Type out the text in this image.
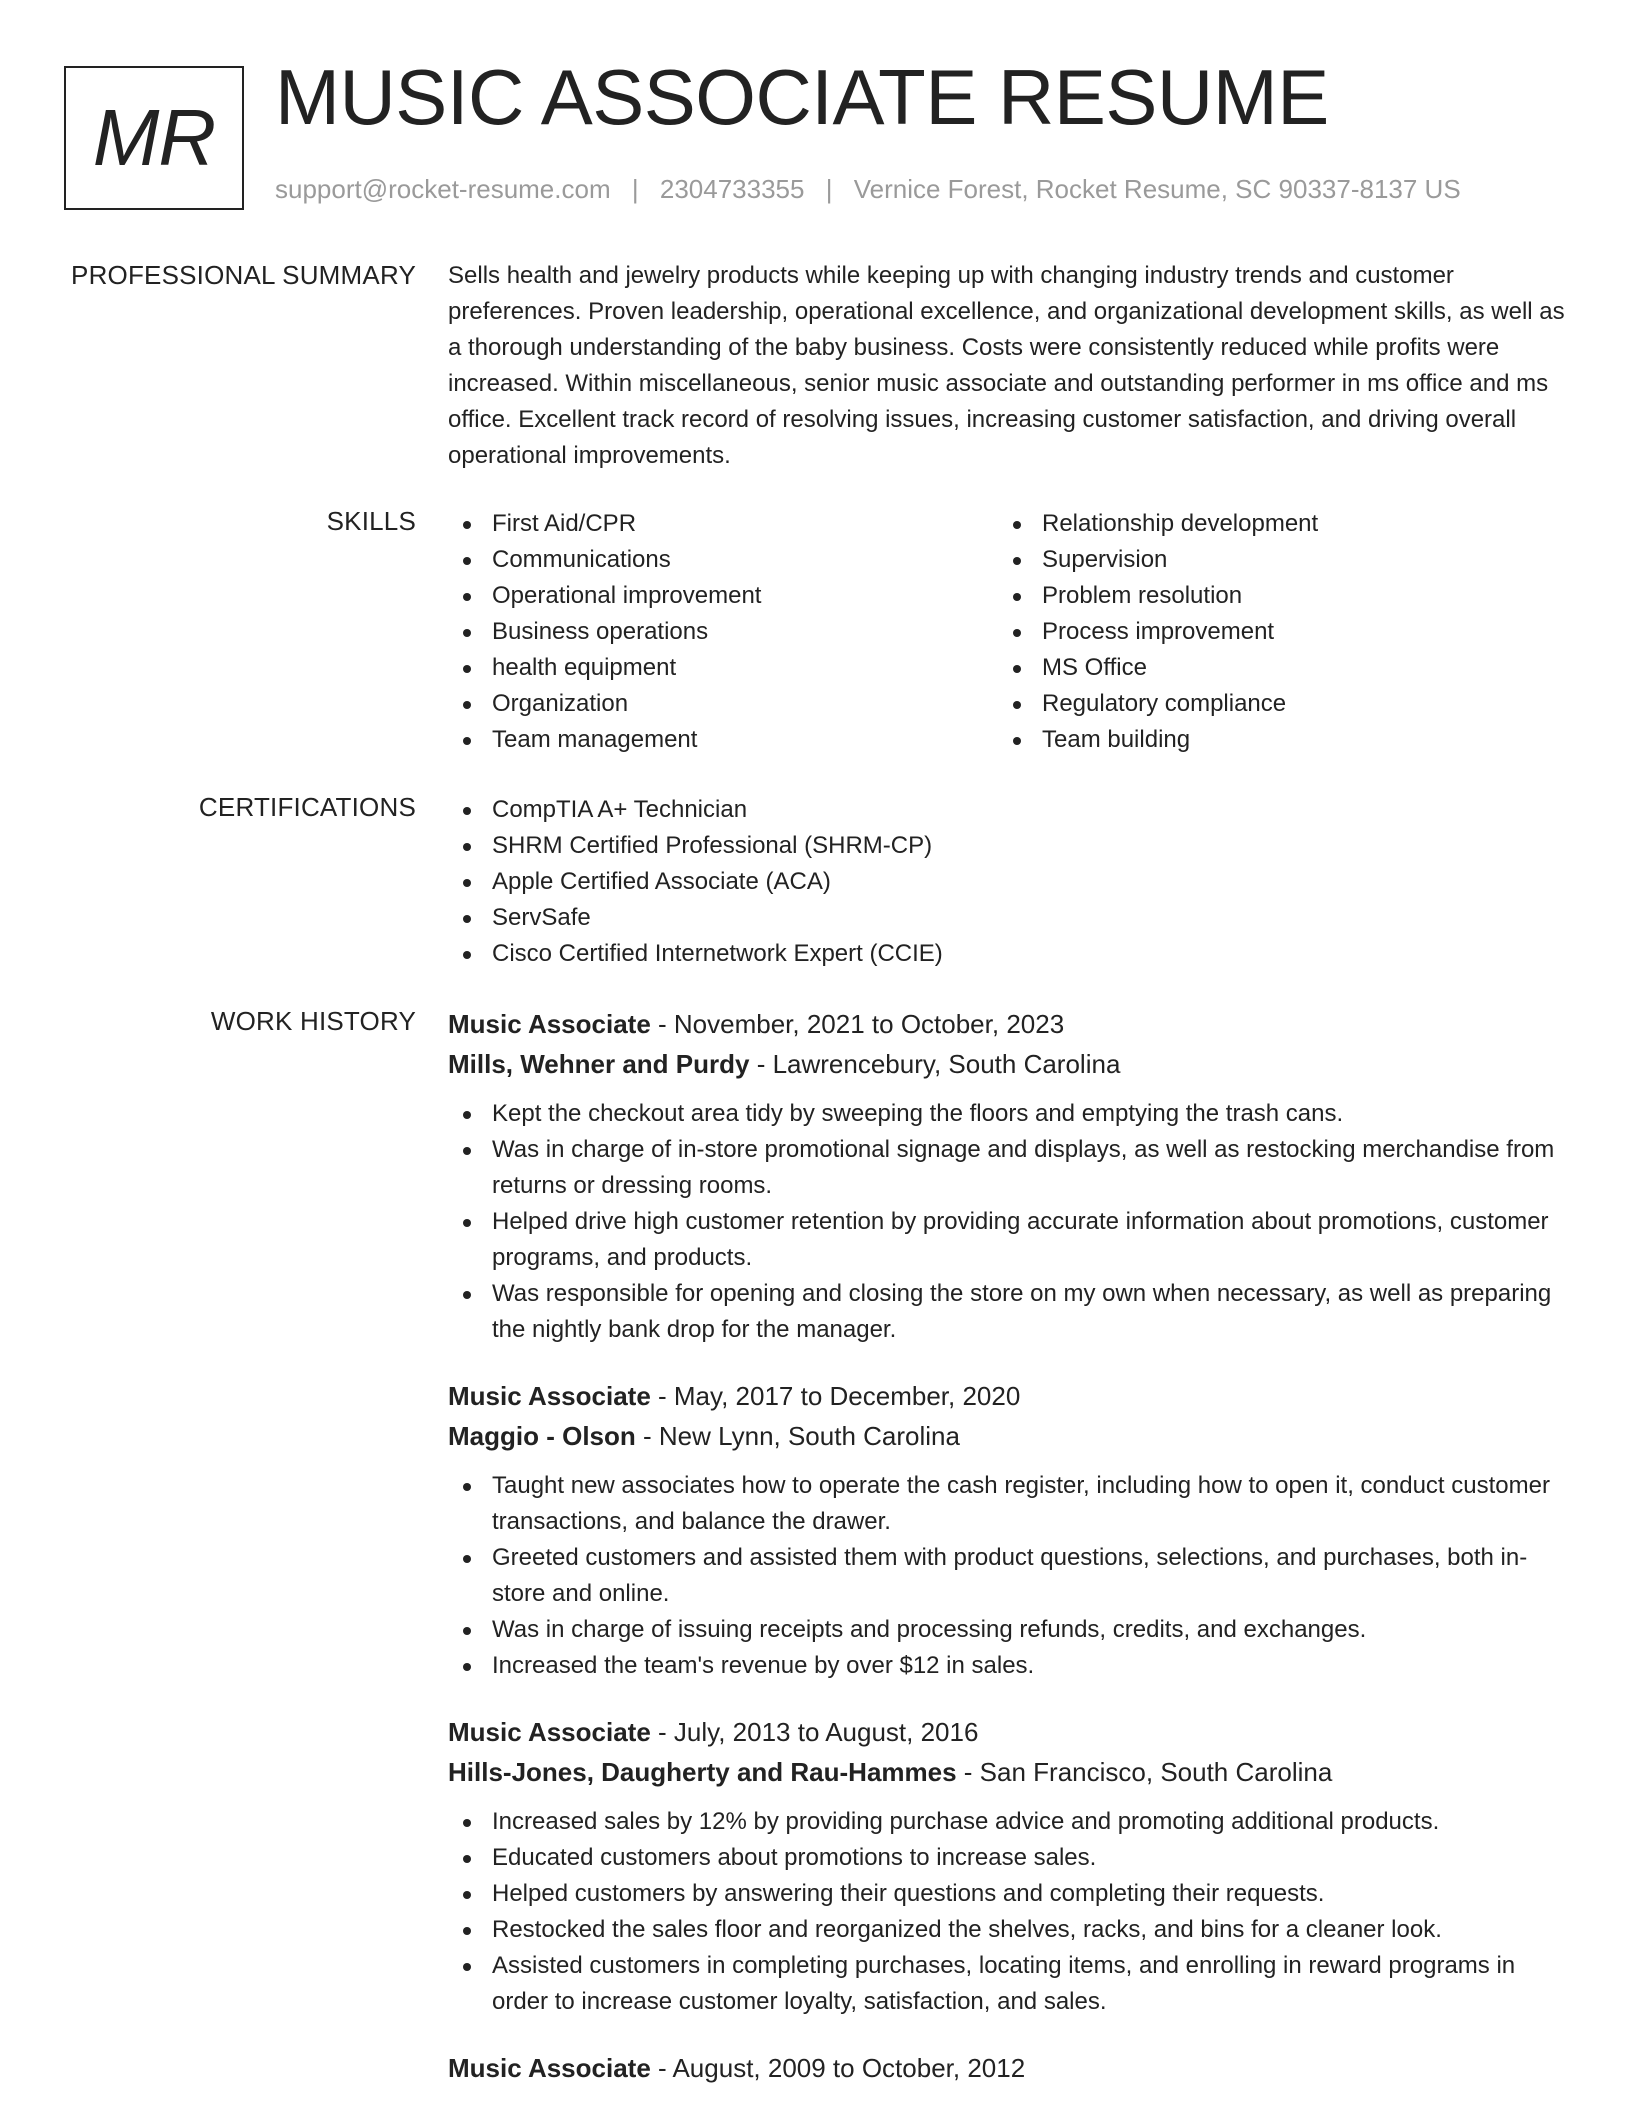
MR MUSIC ASSOCIATE RESUME
support@rocket-resume.com | 2304733355 | Vernice Forest, Rocket Resume, SC 90337-8137 US
PROFESSIONAL SUMMARY Sells health and jewelry products while keeping up with changing industry trends and customer preferences. Proven leadership, operational excellence, and organizational development skills, as well as a thorough understanding of the baby business. Costs were consistently reduced while profits were increased. Within miscellaneous, senior music associate and outstanding performer in ms office and ms office. Excellent track record of resolving issues, increasing customer satisfaction, and driving overall operational improvements.

SKILLS	First Aid/CPR
Communications
Operational improvement
Business operations
health equipment
Organization
Team management
Relationship development
Supervision
Problem resolution
Process improvement
MS Office
Regulatory compliance
Team building
CERTIFICATIONS	CompTIA A+ Technician
SHRM Certified Professional (SHRM-CP)
Apple Certified Associate (ACA)
ServSafe
Cisco Certified Internetwork Expert (CCIE)
WORK HISTORY Music Associate - November, 2021 to October, 2023
Mills, Wehner and Purdy - Lawrencebury, South Carolina
Kept the checkout area tidy by sweeping the floors and emptying the trash cans.
Was in charge of in-store promotional signage and displays, as well as restocking merchandise from returns or dressing rooms.
Helped drive high customer retention by providing accurate information about promotions, customer programs, and products.
Was responsible for opening and closing the store on my own when necessary, as well as preparing the nightly bank drop for the manager.
Music Associate - May, 2017 to December, 2020
Maggio - Olson - New Lynn, South Carolina
Taught new associates how to operate the cash register, including how to open it, conduct customer transactions, and balance the drawer.
Greeted customers and assisted them with product questions, selections, and purchases, both in-store and online.
Was in charge of issuing receipts and processing refunds, credits, and exchanges.
Increased the team's revenue by over $12 in sales.
Music Associate - July, 2013 to August, 2016
Hills-Jones, Daugherty and Rau-Hammes - San Francisco, South Carolina
Increased sales by 12% by providing purchase advice and promoting additional products.
Educated customers about promotions to increase sales.
Helped customers by answering their questions and completing their requests.
Restocked the sales floor and reorganized the shelves, racks, and bins for a cleaner look.
Assisted customers in completing purchases, locating items, and enrolling in reward programs in order to increase customer loyalty, satisfaction, and sales.
Music Associate - August, 2009 to October, 2012
